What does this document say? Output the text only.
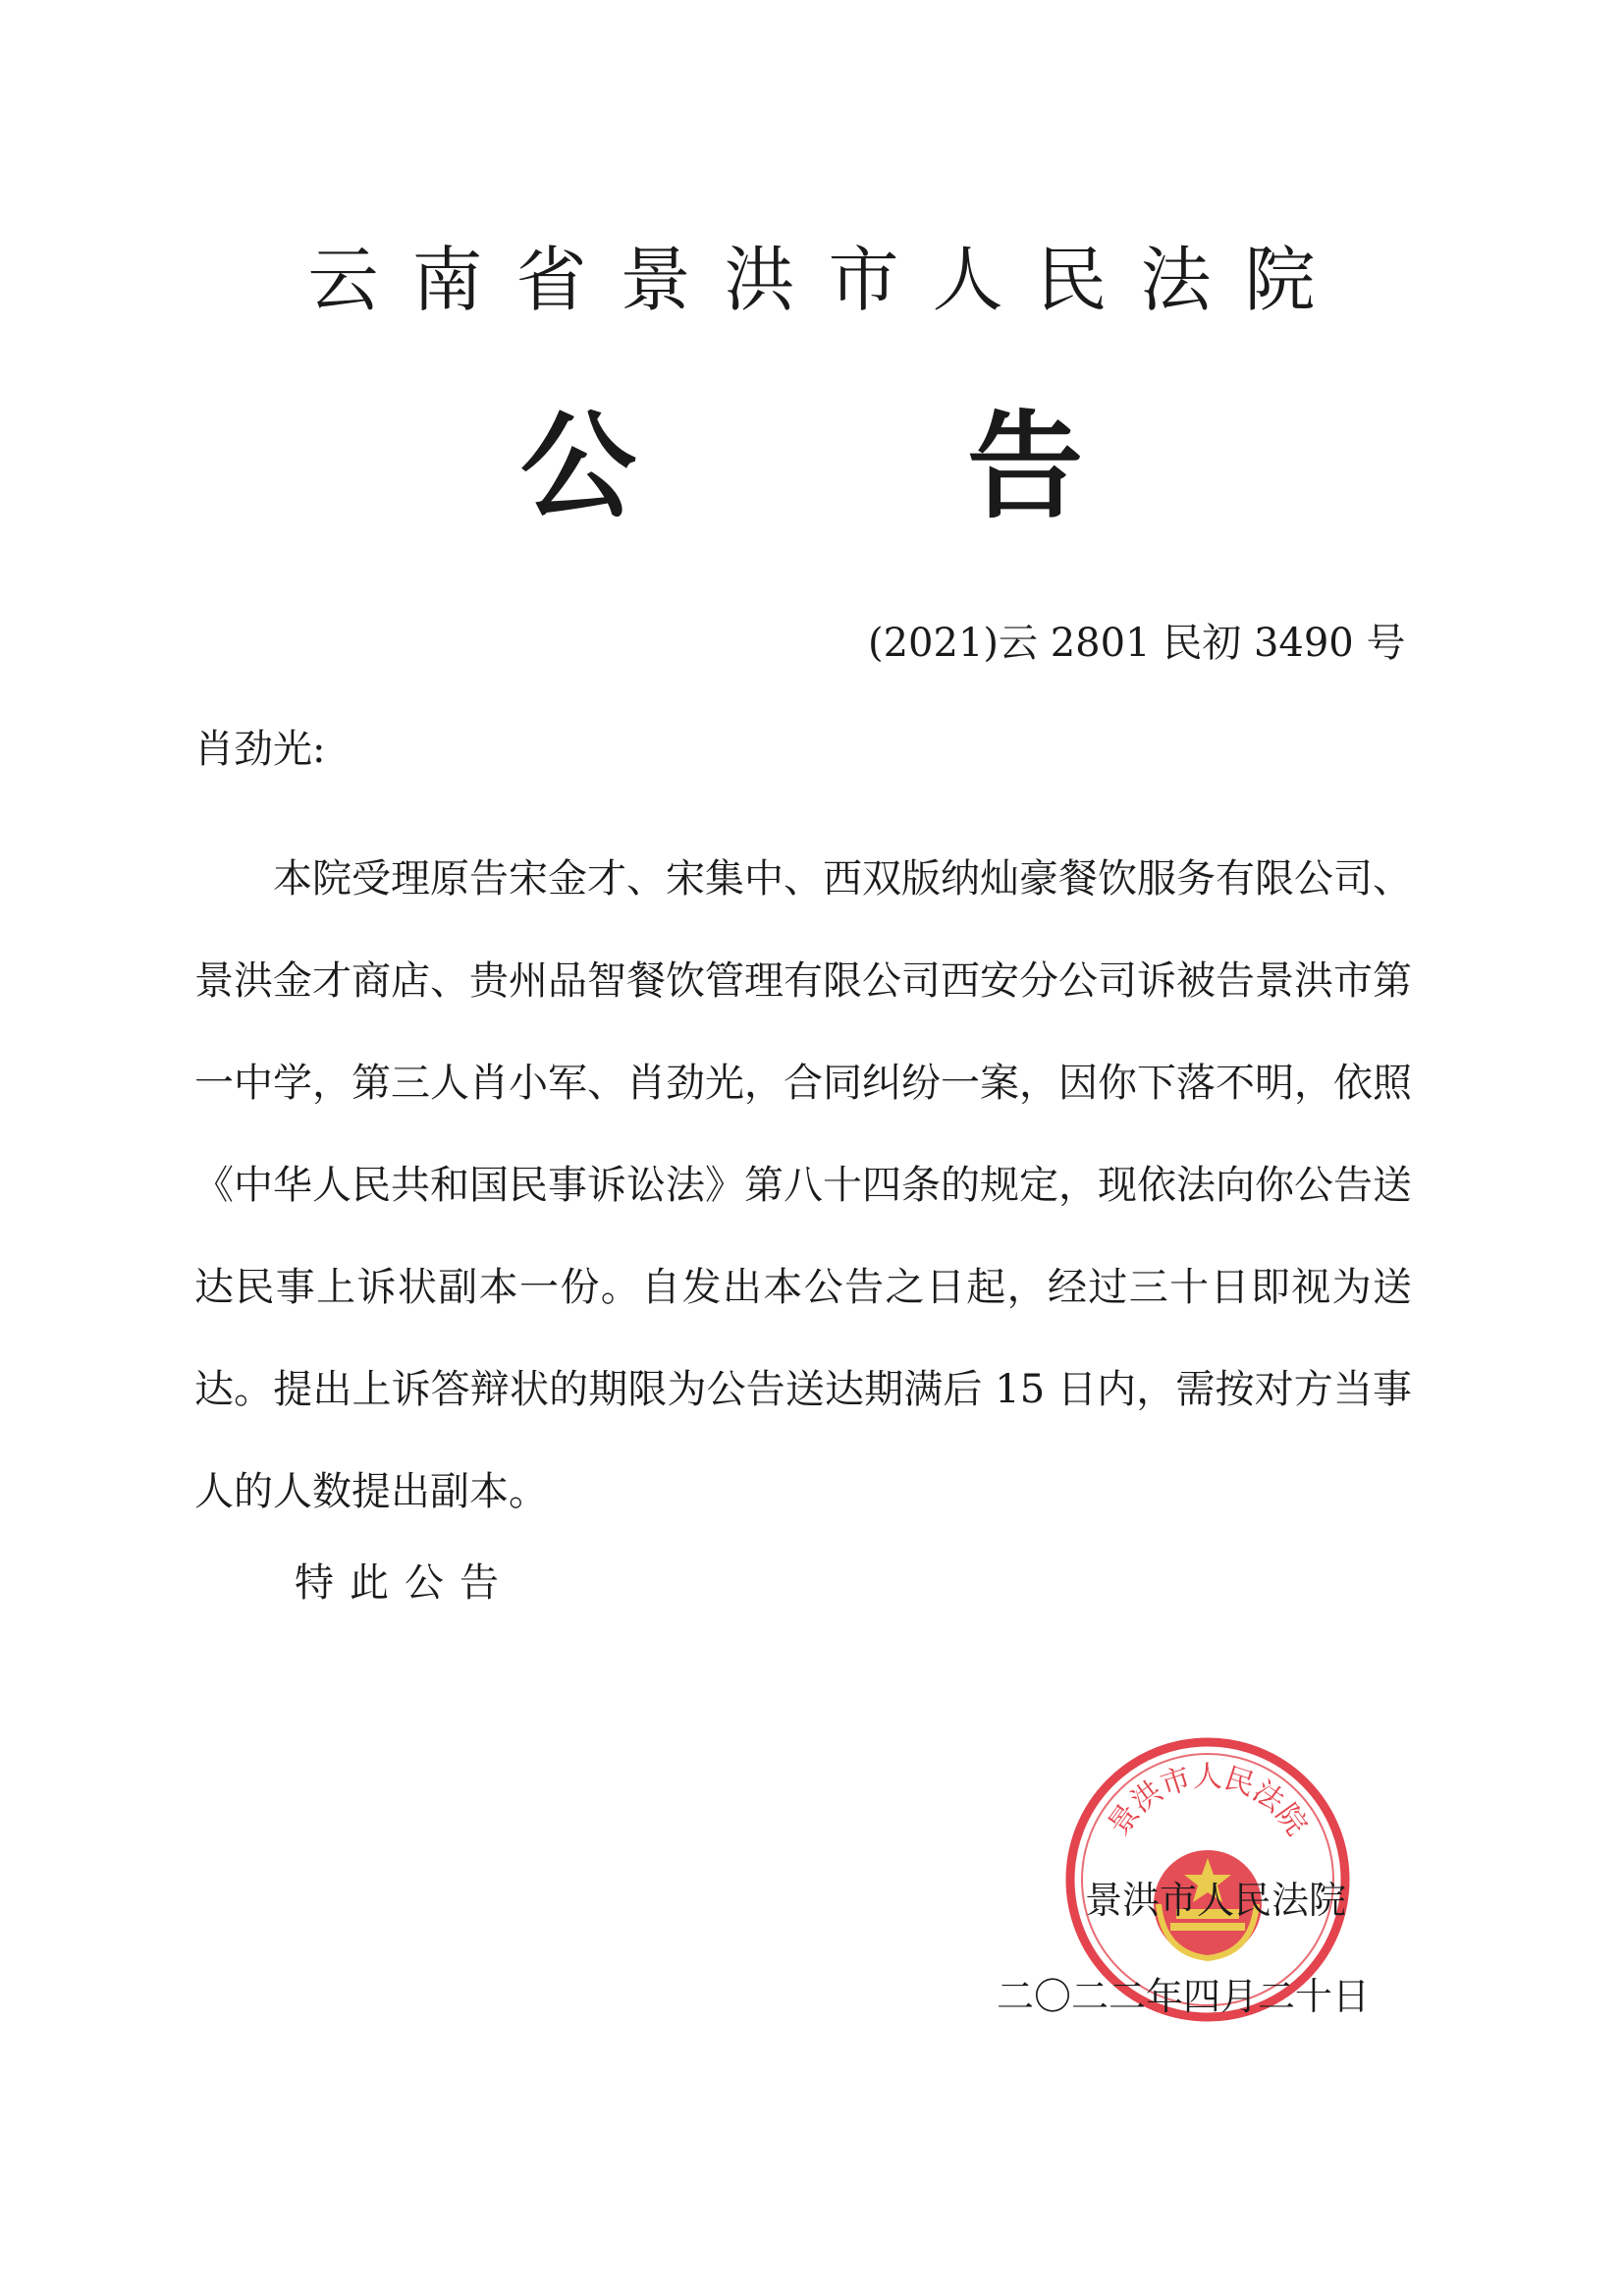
云南省景洪市人民法院
公	告
(2021)云 2801 民初 3490 号
肖劲光:

本院受理原告宋金才、宋集中、西双版纳灿豪餐饮服务有限公司、景洪金才商店、贵州品智餐饮管理有限公司西安分公司诉被告景洪市第一中学，第三人肖小军、肖劲光，合同纠纷一案，因你下落不明，依照《中华人民共和国民事诉讼法》第八十四条的规定，现依法向你公告送达民事上诉状副本一份。自发出本公告之日起，经过三十日即视为送达。提出上诉答辩状的期限为公告送达期满后 15 日内，需按对方当事人的人数提出副本。

特此公告
景洪市人民法院
景洪市人民法院
二〇二二年四月二十日
